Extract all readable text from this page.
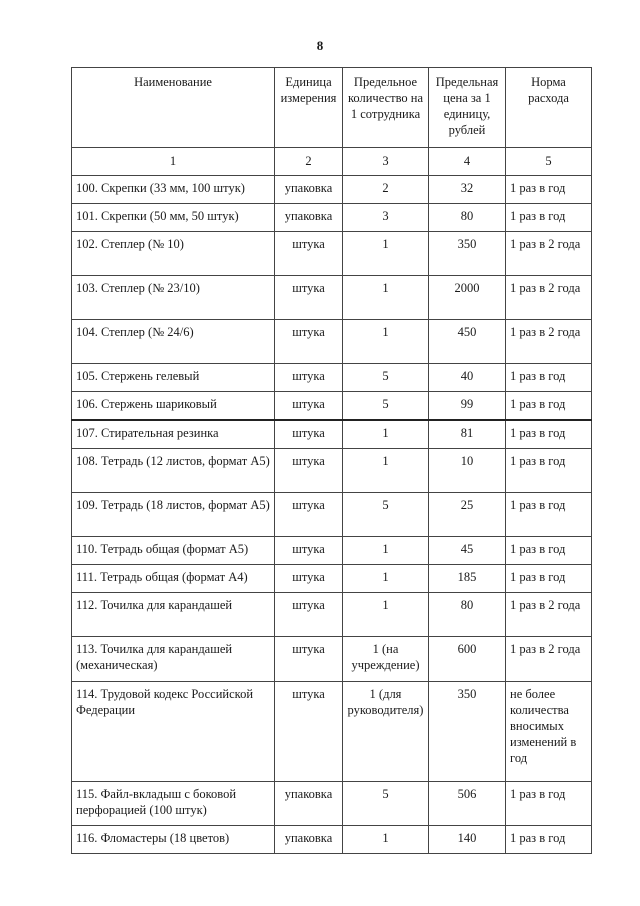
8
Наименование	Единица измерения	Предельное количество на 1 сотрудника	Предельная цена за 1 единицу, рублей	Норма расхода
1	2	3	4	5
100. Скрепки (33 мм, 100 штук)	упаковка	2	32	1 раз в год
101. Скрепки (50 мм, 50 штук)	упаковка	3	80	1 раз в год
102. Степлер (№ 10)	штука	1	350	1 раз в 2 года
103. Степлер (№ 23/10)	штука	1	2000	1 раз в 2 года
104. Степлер (№ 24/6)	штука	1	450	1 раз в 2 года
105. Стержень гелевый	штука	5	40	1 раз в год
106. Стержень шариковый	штука	5	99	1 раз в год
107. Стирательная резинка	штука	1	81	1 раз в год
108. Тетрадь (12 листов, формат А5)	штука	1	10	1 раз в год
109. Тетрадь (18 листов, формат А5)	штука	5	25	1 раз в год
110. Тетрадь общая (формат А5)	штука	1	45	1 раз в год
111. Тетрадь общая (формат А4)	штука	1	185	1 раз в год
112. Точилка для карандашей	штука	1	80	1 раз в 2 года
113. Точилка для карандашей (механическая)	штука	1 (на учреждение)	600	1 раз в 2 года
114. Трудовой кодекс Российской Федерации	штука	1 (для руководителя)	350	не более количества вносимых изменений в год
115. Файл-вкладыш с боковой перфорацией (100 штук)	упаковка	5	506	1 раз в год
116. Фломастеры (18 цветов)	упаковка	1	140	1 раз в год
